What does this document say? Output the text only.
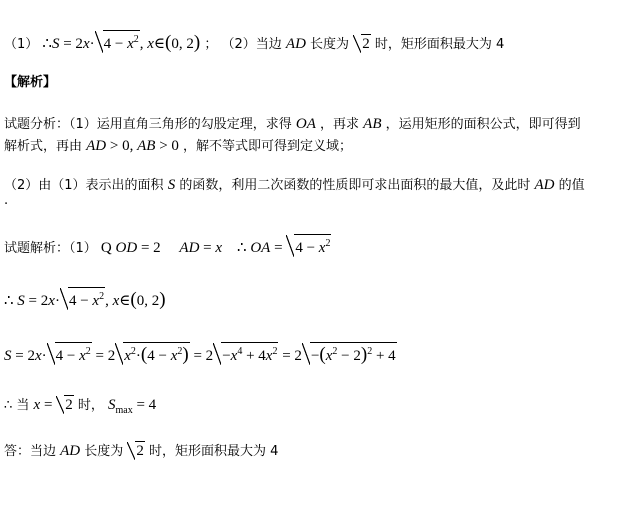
（1） ∴S = $2x\cdot 4 - x^2$, x∈(0, 2) ； （2）当边 AD 长度为 2 时，矩形面积最大为 4
【解析】
试题分析：（1）运用直角三角形的勾股定理，求得 OA ，再求 AB ，运用矩形的面积公式，即可得到
解析式，再由 AD > 0, AB > 0 ，解不等式即可得到定义域；
（2）由（1）表示出的面积 S 的函数，利用二次函数的性质即可求出面积的最大值，及此时 AD 的值
.
试题解析：（1） Q OD = 2     AD = x    ∴ OA = $4 - x^2$
∴ $S = 2x\cdot 4 - x^2$, x∈(0, 2)
$S = 2x\cdot 4 - x^2 = 2$ $x^2\cdot(4 - x^2) = 2 -x^4 + 4x^2 = 2 -(x^2 - 2)^2 + 4$
∴ 当 x = 2 时， $S_{max} = 4$
答：当边 AD 长度为 2 时，矩形面积最大为 4
